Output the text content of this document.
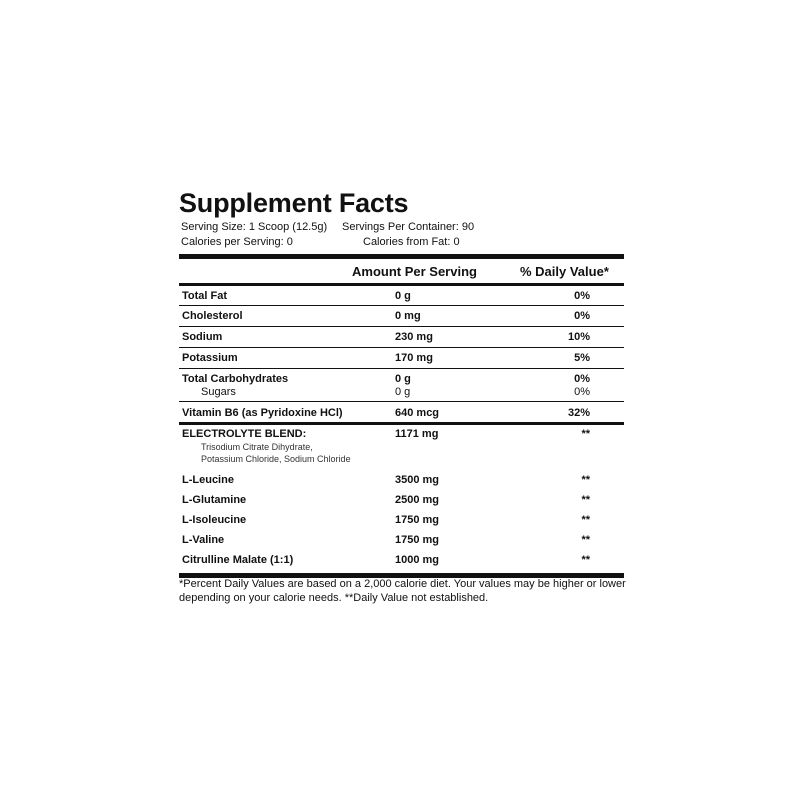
Supplement Facts
Serving Size: 1 Scoop (12.5g) Servings Per Container: 90
Calories per Serving: 0	Calories from Fat: 0
Amount Per Serving	% Daily Value*
Total Fat	0 g	0%
Cholesterol	0 mg	0%
Sodium	230 mg	10%
Potassium	170 mg	5%
Total Carbohydrates	0 g	0%
Sugars	0 g	0%
Vitamin B6 (as Pyridoxine HCl)	640 mcg	32%
ELECTROLYTE BLEND:	1171 mg	**
Trisodium Citrate Dihydrate,
Potassium Chloride, Sodium Chloride
L-Leucine	3500 mg	**
L-Glutamine	2500 mg	**
L-Isoleucine	1750 mg	**
L-Valine	1750 mg	**
Citrulline Malate (1:1)	1000 mg	**
*Percent Daily Values are based on a 2,000 calorie diet. Your values may be higher or lower
depending on your calorie needs. **Daily Value not established.
